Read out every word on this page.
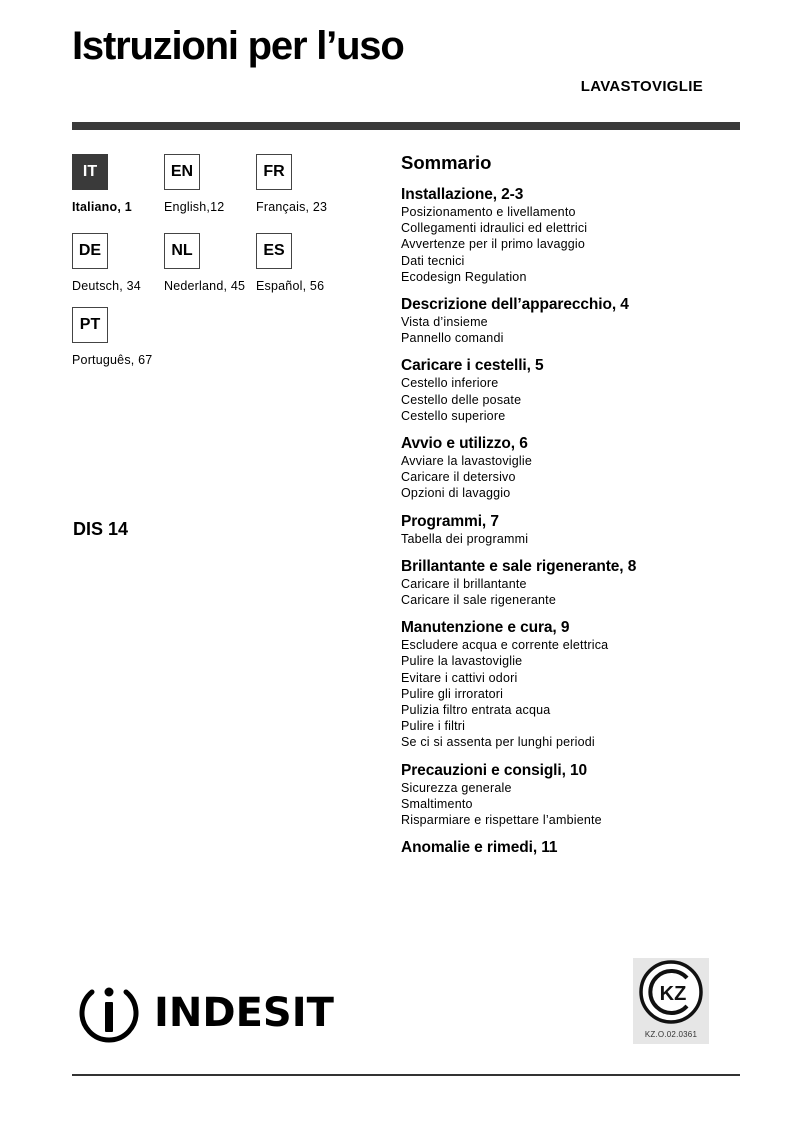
Istruzioni per l’uso
LAVASTOVIGLIE
IT
Italiano, 1
EN
English,12
FR
Français, 23
DE
Deutsch, 34
NL
Nederland, 45
ES
Español, 56
PT
Português, 67
DIS 14
Sommario
Installazione, 2-3
Posizionamento e livellamento
Collegamenti idraulici ed elettrici
Avvertenze per il primo lavaggio
Dati tecnici
Ecodesign Regulation
Descrizione dell’apparecchio, 4
Vista d’insieme
Pannello comandi
Caricare i cestelli, 5
Cestello inferiore
Cestello delle posate
Cestello superiore
Avvio e utilizzo, 6
Avviare la lavastoviglie
Caricare il detersivo
Opzioni di lavaggio
Programmi, 7
Tabella dei programmi
Brillantante e sale rigenerante, 8
Caricare il brillantante
Caricare il sale rigenerante
Manutenzione e cura, 9
Escludere acqua e corrente elettrica
Pulire la lavastoviglie
Evitare i cattivi odori
Pulire gli irroratori
Pulizia filtro entrata acqua
Pulire i filtri
Se ci si assenta per lunghi periodi
Precauzioni e consigli, 10
Sicurezza generale
Smaltimento
Risparmiare e rispettare l’ambiente
Anomalie e rimedi, 11
INDESIT	KZ
KZ.O.02.0361
